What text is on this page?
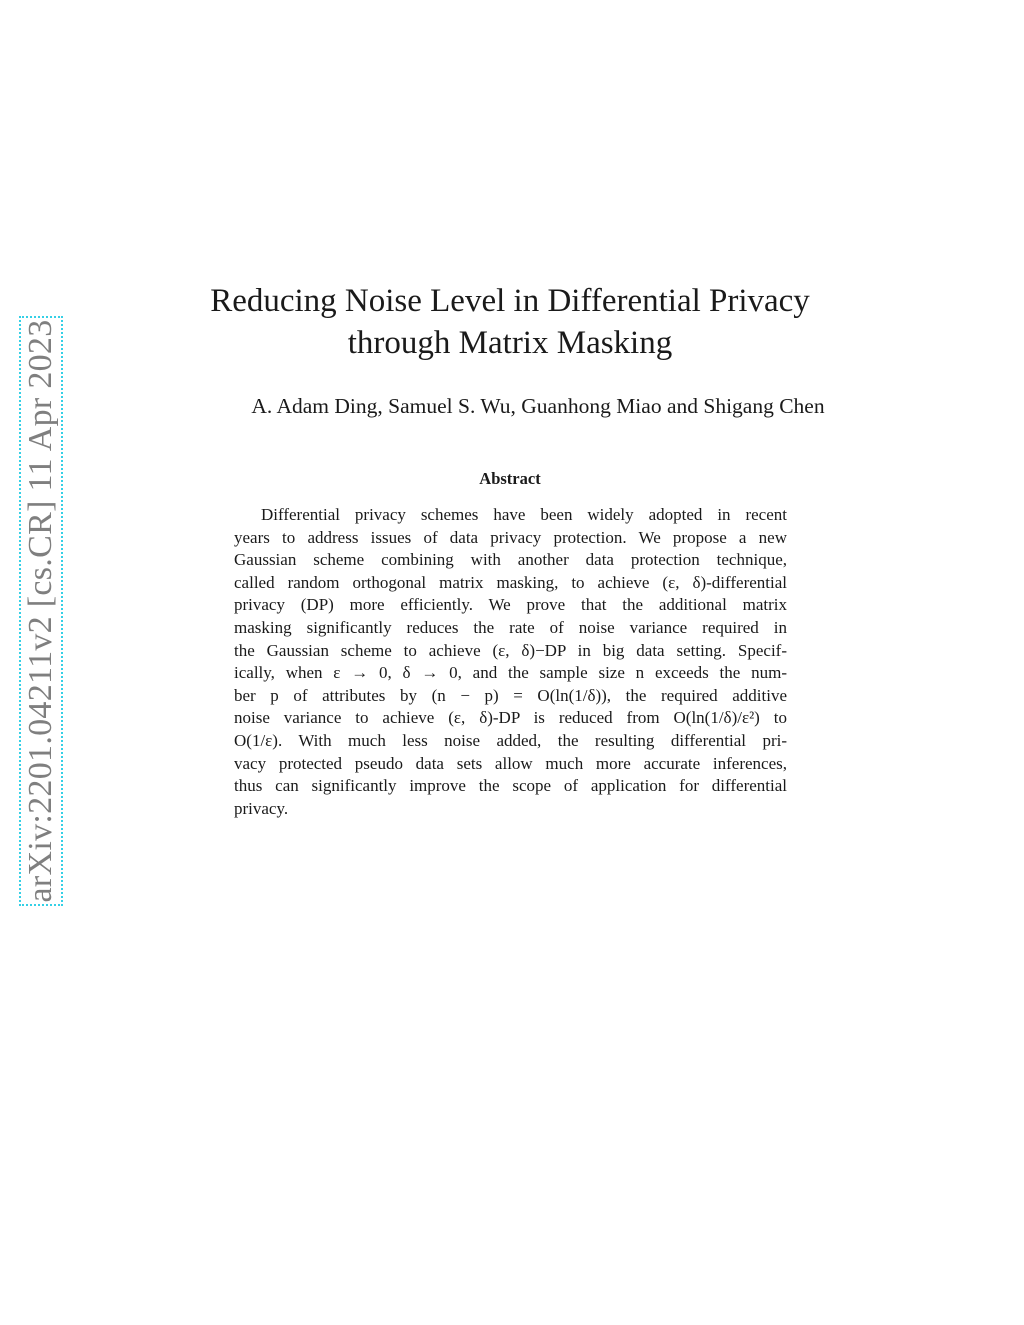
arXiv:2201.04211v2 [cs.CR] 11 Apr 2023
Reducing Noise Level in Differential Privacy
through Matrix Masking
A. Adam Ding, Samuel S. Wu, Guanhong Miao and Shigang Chen
Abstract
Differential privacy schemes have been widely adopted in recent
years to address issues of data privacy protection. We propose a new
Gaussian scheme combining with another data protection technique,
called random orthogonal matrix masking, to achieve (ε, δ)-differential
privacy (DP) more efficiently. We prove that the additional matrix
masking significantly reduces the rate of noise variance required in
the Gaussian scheme to achieve (ε, δ)−DP in big data setting. Specif-
ically, when ε → 0, δ → 0, and the sample size n exceeds the num-
ber p of attributes by (n − p) = O(ln(1/δ)), the required additive
noise variance to achieve (ε, δ)-DP is reduced from O(ln(1/δ)/ε²) to
O(1/ε). With much less noise added, the resulting differential pri-
vacy protected pseudo data sets allow much more accurate inferences,
thus can significantly improve the scope of application for differential
privacy.
